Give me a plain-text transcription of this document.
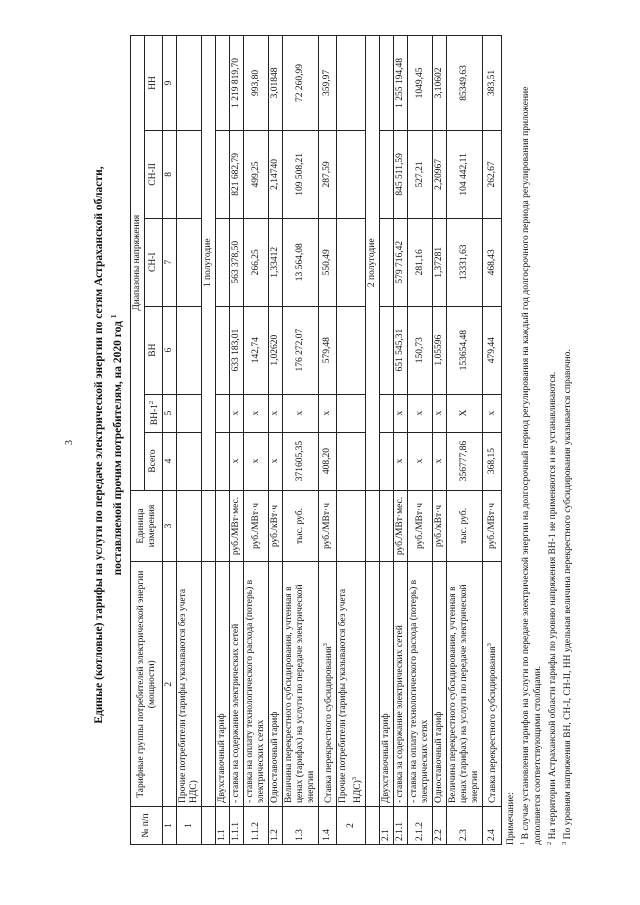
3 Единые (котловые) тарифы на услуги по передаче электрической энергии по сетям Астраханской области, поставляемой прочим потребителям, на 2020 год $^1$
№ п/п	Тарифные группы потребителей электрической энергии (мощности)	Единица измерения	Диапазоны напряжения					
			Всего	$ВН-1^2$	ВН	СН-I	СН-II	НН
1	2	3	4	5	6	7	8	9
1	Прочие потребители (тарифы указываются без учета НДС)							
			1 полугодие					
1.1	Двухставочный тариф							
1.1.1	- ставка на содержание электрических сетей	руб./МВт·мес.	x	x	633 183,01	563 378,50	821 682,79	1 219 819,70
1.1.2	- ставка на оплату технологического расхода (потерь) в электрических сетях	руб./МВт·ч	x	x	142,74	266,25	499,25	993,80
1.2	Одноставочный тариф	руб./кВт·ч	x	x	1,02620	1,33412	2,14740	3,01848
1.3	Величина перекрестного субсидирования, учтенная в ценах (тарифах) на услуги по передаче электрической энергии	тыс. руб.	371605,35	x	176 272,07	13 564,08	109 508,21	72 260,99
1.4	Ставка перекрестного субсидирования$^3$	руб./МВт·ч	408,20	x	579,48	550,49	287,59	359,97
2	Прочие потребители (тарифы указываются без учета НДС)$^3$							
			2 полугодие					
2.1	Двухставочный тариф							
2.1.1	- ставка за содержание электрических сетей	руб./МВт·мес.	x	x	651 545,31	579 716,42	845 511,59	1 255 194,48
2.1.2	- ставка на оплату технологического расхода (потерь) в электрических сетях	руб./МВт·ч	x	x	150,73	281,16	527,21	1049,45
2.2	Одноставочный тариф	руб./кВт·ч	x	x	1,05596	1,37281	2,20967	3,10602
2.3	Величина перекрестного субсидирования, учтенная в ценах (тарифах) на услуги по передаче электрической энергии	тыс. руб.	356777,86	X	153654,48	13331,63	104 442,11	85349,63
2.4	Ставка перекрестного субсидирования$^3$	руб./МВт·ч	368,15	x	479,44	468,43	262,67	383,51
Примечание: $^1$ В случае установления тарифов на услуги по передаче электрической энергии на долгосрочный период регулирования на каждый год долгосрочного периода регулирования приложение дополняется соответствующими столбцами. $^2$ На территории Астраханской области тарифы по уровню напряжения ВН-1 не применяются и не устанавливаются.
$^3$ По уровням напряжения ВН, СН-I, СН-II, НН удельная величина перекрестного субсидирования указывается справочно.
